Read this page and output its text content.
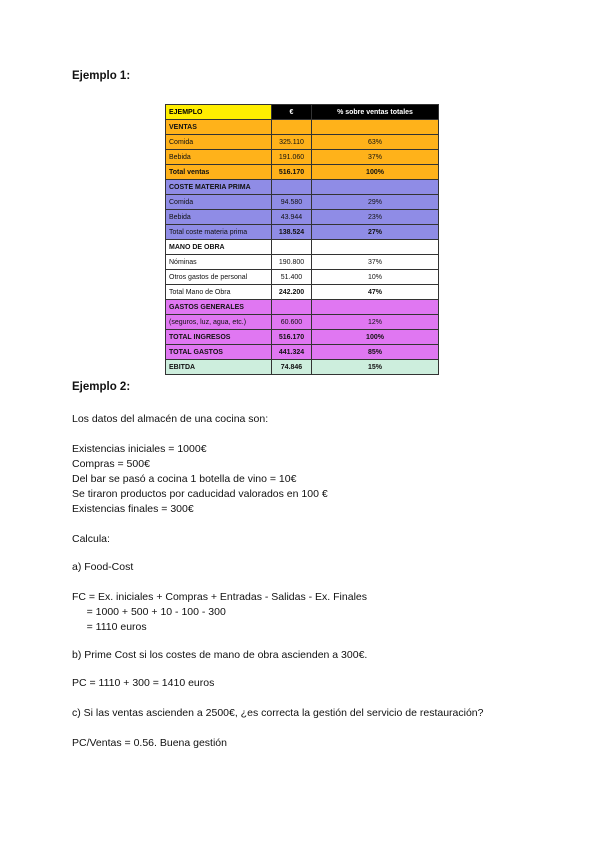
Ejemplo 1:
EJEMPLO	€	% sobre ventas totales
VENTAS		
Comida	325.110	63%
Bebida	191.060	37%
Total ventas	516.170	100%
COSTE MATERIA PRIMA		
Comida	94.580	29%
Bebida	43.944	23%
Total coste materia prima	138.524	27%
MANO DE OBRA		
Nóminas	190.800	37%
Otros gastos de personal	51.400	10%
Total Mano de Obra	242.200	47%
GASTOS GENERALES		
(seguros, luz, agua, etc.)	60.600	12%
TOTAL INGRESOS	516.170	100%
TOTAL GASTOS	441.324	85%
EBITDA	74.846	15%
Ejemplo 2:
Los datos del almacén de una cocina son:
Existencias iniciales = 1000€
Compras = 500€
Del bar se pasó a cocina 1 botella de vino = 10€
Se tiraron productos por caducidad valorados en 100 €
Existencias finales = 300€
Calcula:
a) Food-Cost
FC = Ex. iniciales + Compras + Entradas - Salidas - Ex. Finales
= 1000 + 500 + 10 - 100 - 300
= 1110 euros
b) Prime Cost si los costes de mano de obra ascienden a 300€.
PC = 1110 + 300 = 1410 euros
c) Si las ventas ascienden a 2500€, ¿es correcta la gestión del servicio de restauración?
PC/Ventas = 0.56. Buena gestión
